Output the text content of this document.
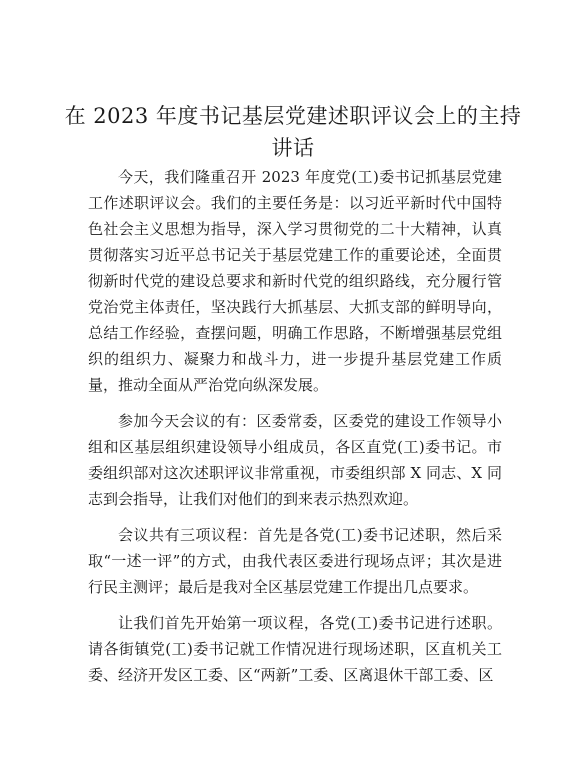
在 2023 年度书记基层党建述职评议会上的主持讲话

今天，我们隆重召开 2023 年度党(工)委书记抓基层党建工作述职评议会。我们的主要任务是：以习近平新时代中国特色社会主义思想为指导，深入学习贯彻党的二十大精神，认真贯彻落实习近平总书记关于基层党建工作的重要论述，全面贯彻新时代党的建设总要求和新时代党的组织路线，充分履行管党治党主体责任，坚决践行大抓基层、大抓支部的鲜明导向，总结工作经验，查摆问题，明确工作思路，不断增强基层党组织的组织力、凝聚力和战斗力，进一步提升基层党建工作质量，推动全面从严治党向纵深发展。

参加今天会议的有：区委常委，区委党的建设工作领导小组和区基层组织建设领导小组成员，各区直党(工)委书记。市委组织部对这次述职评议非常重视，市委组织部 X 同志、X 同志到会指导，让我们对他们的到来表示热烈欢迎。

会议共有三项议程：首先是各党(工)委书记述职，然后采取“一述一评”的方式，由我代表区委进行现场点评；其次是进行民主测评；最后是我对全区基层党建工作提出几点要求。

让我们首先开始第一项议程，各党(工)委书记进行述职。请各街镇党(工)委书记就工作情况进行现场述职，区直机关工委、经济开发区工委、区“两新”工委、区离退休干部工委、区
